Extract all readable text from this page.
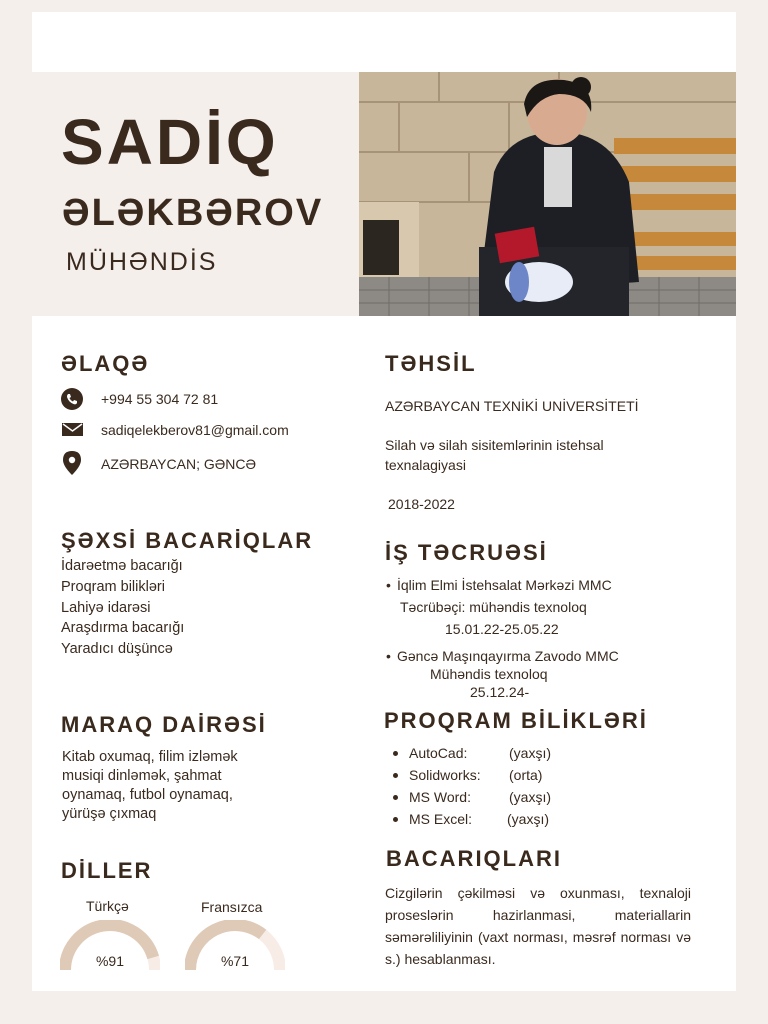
SADİQ
ƏLƏKBƏROV
MÜHƏNDİS
ƏLAQƏ
+994 55 304 72 81
sadiqelekberov81@gmail.com
AZƏRBAYCAN; GƏNCƏ
ŞƏXSİ BACARİQLAR
İdarəetmə bacarığı
Proqram bilikləri
Lahiyə idarəsi
Araşdırma bacarığı
Yaradıcı düşüncə
MARAQ DAİRƏSİ
Kitab oxumaq, filim izləmək
musiqi dinləmək, şahmat
oynamaq, futbol oynamaq,
yürüşə çıxmaq
DİLLER
Türkçə	Fransızca
%91	%71
TƏHSİL
AZƏRBAYCAN TEXNİKİ UNİVERSİTETİ
Silah və silah sisitemlərinin istehsal
texnalagiyasi
2018-2022
İŞ TƏCRUƏSİ
• İqlim Elmi İstehsalat Mərkəzi MMC
Təcrübəçi: mühəndis texnoloq
15.01.22-25.05.22
• Gəncə Maşınqayırma Zavodo MMC
Mühəndis texnoloq
25.12.24-
PROQRAM BİLİKLƏRİ
AutoCad:	(yaxşı)
Solidworks: (orta)
MS Word:	(yaxşı)
MS Excel: (yaxşı)
BACARIQLARI
Cizgilərin çəkilməsi və oxunması, texnaloji proseslərin hazirlanmasi, materiallarin səmərəliliyinin (vaxt norması, məsrəf norması və s.) hesablanması.
